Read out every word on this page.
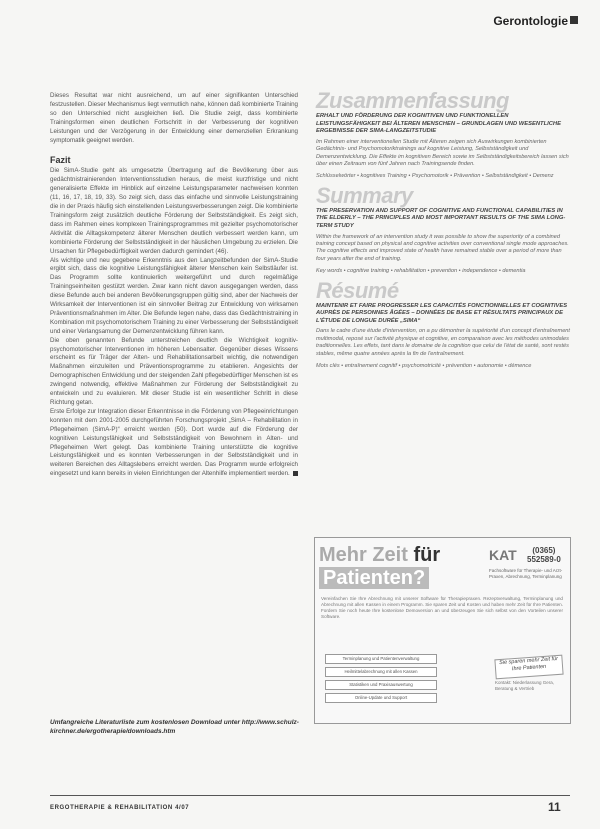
Gerontologie

Dieses Resultat war nicht ausreichend, um auf einer signifikanten Unterschied festzustellen. Dieser Mechanismus liegt vermutlich nahe, können daß kombinierte Training so den Unterschied nicht ausgleichen ließ. Die Studie zeigt, dass kombinierte Trainingsformen einen deutlichen Fortschritt in der Verbesserung der kognitiven Leistungen und der Verzögerung in der Entwicklung einer demenziellen Erkrankung symptomatik geeignet werden.

Fazit

Die SimA-Studie geht als umgesetzte Übertragung auf die Bevölkerung über aus gedächtnistrainierenden Interventionsstudien heraus, die meist kurzfristige und nicht generalisierte Effekte im Hinblick auf einzelne Leistungsparameter nachweisen konnten (11, 16, 17, 18, 19, 33). So zeigt sich, dass das einfache und sinnvolle Leistungstraining die in der Praxis häufig sich einstellenden Leistungsverbesserungen zeigt. Die kombinierte Trainingsform zeigt zusätzlich deutliche Förderung der Selbstständigkeit. Es zeigt sich, dass im Rahmen eines komplexen Trainingsprogrammes mit gezielter psychomotorischer Aktivität die Alltagskompetenz älterer Menschen deutlich verbessert werden kann, um kombinierte Förderung der Selbstständigkeit in der häuslichen Umgebung zu erzielen. Die Ursachen für Pflegebedürftigkeit werden dadurch gemindert (46).

Als wichtige und neu gegebene Erkenntnis aus den Langzeitbefunden der SimA-Studie ergibt sich, dass die kognitive Leistungsfähigkeit älterer Menschen kein Selbstläufer ist. Das Programm sollte kontinuierlich weitergeführt und durch regelmäßige Trainingseinheiten gestützt werden. Zwar kann nicht davon ausgegangen werden, dass diese Befunde auch bei anderen Bevölkerungsgruppen gültig sind, aber der Nachweis der Wirksamkeit der Interventionen ist ein sinnvoller Beitrag zur Entwicklung von wirksamen Präventionsmaßnahmen im Alter. Die Befunde legen nahe, dass das Gedächtnistraining in Kombination mit psychomotorischem Training zu einer Verbesserung der Selbstständigkeit und einer Verlangsamung der Demenzentwicklung führen kann.

Die oben genannten Befunde unterstreichen deutlich die Wichtigkeit kognitiv-psychomotorischer Interventionen im höheren Lebensalter. Gegenüber dieses Wissens erscheint es für Träger der Alten- und Rehabilitationsarbeit wichtig, die notwendigen Maßnahmen einzuleiten und Präventionsprogramme zu etablieren. Angesichts der Demographischen Entwicklung und der steigenden Zahl pflegebedürftiger Menschen ist es zwingend notwendig, effektive Maßnahmen zur Förderung der Selbstständigkeit zu entwickeln und zu evaluieren. Mit dieser Studie ist ein wesentlicher Schritt in diese Richtung getan.

Erste Erfolge zur Integration dieser Erkenntnisse in die Förderung von Pflegeeinrichtungen konnten mit dem 2001-2005 durchgeführten Forschungsprojekt „SimA – Rehabilitation in Pflegeheimen (SimA-P)“ erreicht werden (50). Dort wurde auf die Förderung der kognitiven Leistungsfähigkeit und Selbstständigkeit von Bewohnern in Alten- und Pflegeheimen Wert gelegt. Das kombinierte Training unterstützte die kognitive Leistungsfähigkeit und es konnten Verbesserungen in der Selbstständigkeit und in weiteren Bereichen des Alltagslebens erreicht werden. Das Programm wurde erfolgreich eingesetzt und kann bereits in vielen Einrichtungen der Altenhilfe implementiert werden.

Umfangreiche Literaturliste zum kostenlosen Download unter http://www.schulz-kirchner.de/ergotherapie/downloads.htm
Zusammenfassung
ERHALT UND FÖRDERUNG DER KOGNITIVEN UND FUNKTIONELLEN LEISTUNGSFÄHIGKEIT BEI ÄLTEREN MENSCHEN – GRUNDLAGEN UND WESENTLICHE ERGEBNISSE DER SIMA-LANGZEITSTUDIE
Im Rahmen einer interventionellen Studie mit Älteren zeigen sich Auswirkungen kombinierten Gedächtnis- und Psychomotoriktrainings auf kognitive Leistung, Selbstständigkeit und Demenzentwicklung. Die Effekte im kognitiven Bereich sowie im Selbstständigkeitsbereich lassen sich über einen Zeitraum von fünf Jahren nach Trainingsende finden.
Schlüsselwörter • kognitives Training • Psychomotorik • Prävention • Selbstständigkeit • Demenz
Summary
THE PRESERVATION AND SUPPORT OF COGNITIVE AND FUNCTIONAL CAPABILITIES IN THE ELDERLY – THE PRINCIPLES AND MOST IMPORTANT RESULTS OF THE SIMA LONG-TERM STUDY
Within the framework of an intervention study it was possible to show the superiority of a combined training concept based on physical and cognitive activities over conventional single mode approaches. The cognitive effects and improved state of health have remained stable over a period of more than four years after the end of training.
Key words • cognitive training • rehabilitation • prevention • independence • dementia
Résumé
MAINTENIR ET FAIRE PROGRESSER LES CAPACITÉS FONCTIONNELLES ET COGNITIVES AUPRÈS DE PERSONNES ÂGÉES – DONNÉES DE BASE ET RÉSULTATS PRINCIPAUX DE L'ÉTUDE DE LONGUE DURÉE „SIMA“
Dans le cadre d'une étude d'intervention, on a pu démontrer la supériorité d'un concept d'entraînement multimodal, reposé sur l'activité physique et cognitive, en comparaison avec les méthodes unimodales traditionnelles. Les effets, tant dans le domaine de la cognition que celui de l'état de santé, sont restés stables, même quatre années après la fin de l'entraînement.
Mots clés • entraînement cognitif • psychomotricité • prévention • autonomie • démence
Mehr Zeit für
Patienten?
KAT	(0365)
552589-0
Fachsoftware für Therapie- und Arzt-Praxen, Abrechnung, Terminplanung
Vereinfachen Sie Ihre Abrechnung mit unserer Software für Therapiepraxen. Rezeptverwaltung, Terminplanung und Abrechnung mit allen Kassen in einem Programm. Sie sparen Zeit und Kosten und haben mehr Zeit für Ihre Patienten. Fordern Sie noch heute Ihre kostenlose Demoversion an und überzeugen Sie sich selbst von den Vorteilen unserer Software.
Terminplanung und Patientenverwaltung
Heilmittelabrechnung mit allen Kassen
Statistiken und Praxisauswertung
Online-Update und Support
Sie sparen mehr Zeit für Ihre Patienten
Kontakt: Niederlassung Gera, Beratung & Vertrieb
ERGOTHERAPIE & REHABILITATION 4/07	11
